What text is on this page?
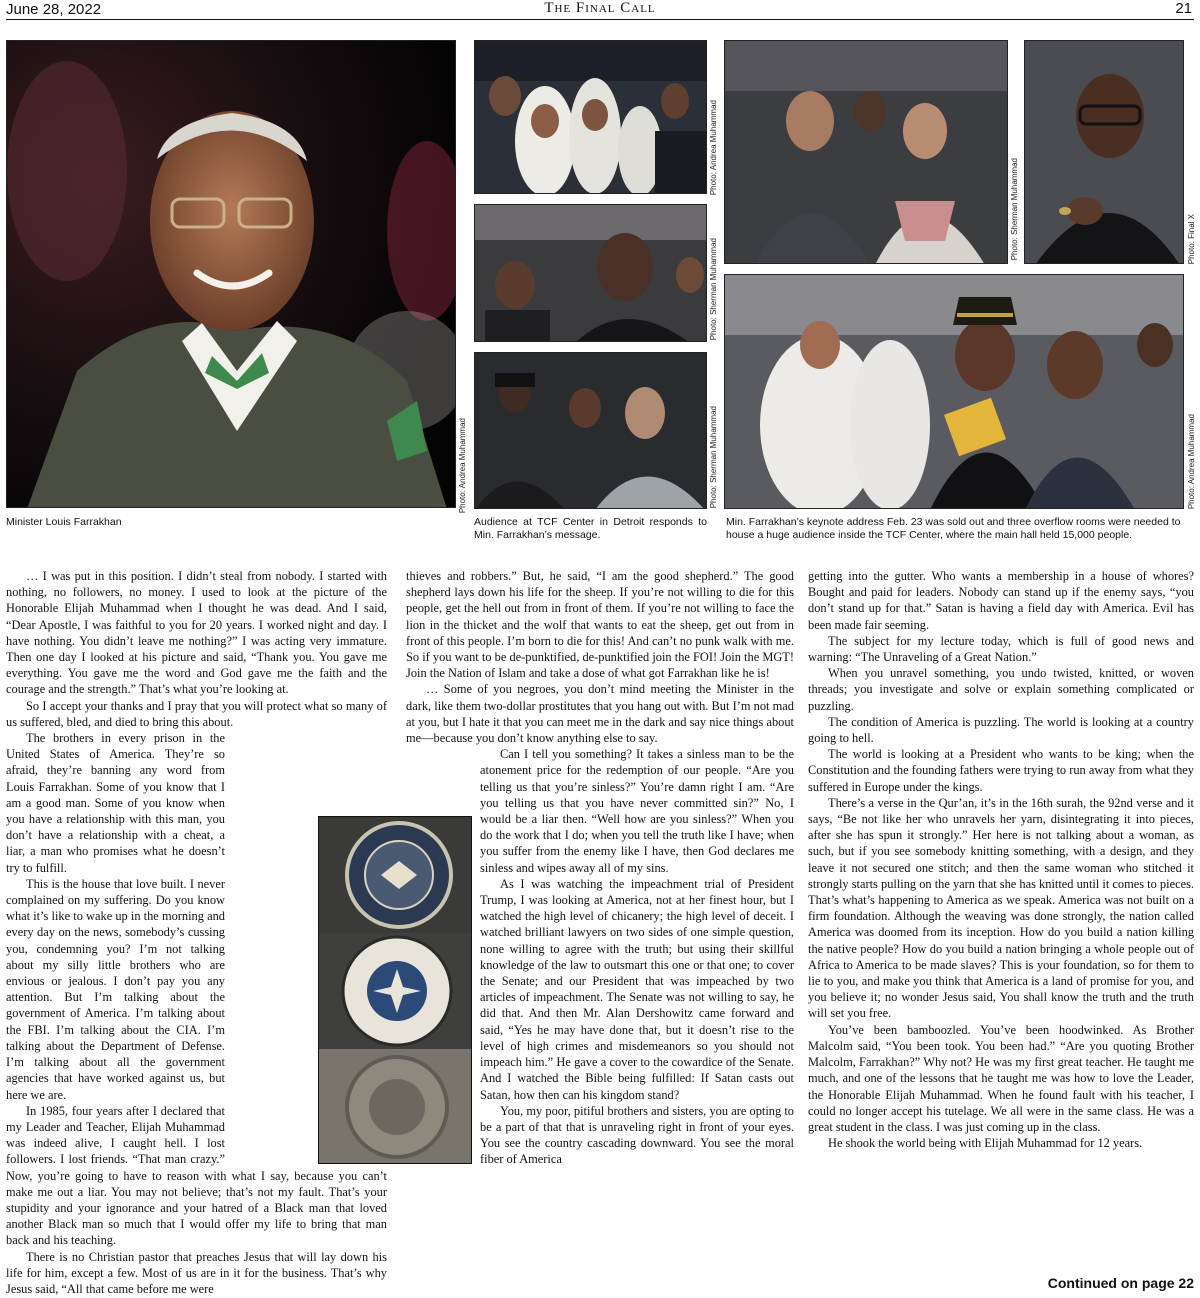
June 28, 2022	The Final Call	21
Photo: Andrea Muhammad
Minister Louis Farrakhan
Photo: Andrea Muhammad
Photo: Sherman Muhammad
Photo: Sherman Muhammad
Audience at TCF Center in Detroit responds to Min. Farrakhan’s message.
Photo: Sherman Muhammad	Photo: Final X
Photo: Andrea Muhammad
Min. Farrakhan’s keynote address Feb. 23 was sold out and three overflow rooms were needed to house a huge audience inside the TCF Center, where the main hall held 15,000 people.

… I was put in this position. I didn’t steal from nobody. I started with nothing, no followers, no money. I used to look at the picture of the Honorable Elijah Muhammad when I thought he was dead. And I said, “Dear Apostle, I was faithful to you for 20 years. I worked night and day. I have nothing. You didn’t leave me nothing?” I was acting very immature. Then one day I looked at his picture and said, “Thank you. You gave me everything. You gave me the word and God gave me the faith and the courage and the strength.” That’s what you’re looking at.

So I accept your thanks and I pray that you will protect what so many of us suffered, bled, and died to bring this about.

The brothers in every prison in the United States of America. They’re so afraid, they’re banning any word from Louis Farrakhan. Some of you know that I am a good man. Some of you know when you have a relationship with this man, you don’t have a relationship with a cheat, a liar, a man who promises what he doesn’t try to fulfill.

This is the house that love built. I never complained on my suffering. Do you know what it’s like to wake up in the morning and every day on the news, somebody’s cussing you, condemning you? I’m not talking about my silly little brothers who are envious or jealous. I don’t pay you any attention. But I’m talking about the government of America. I’m talking about the FBI. I’m talking about the CIA. I’m talking about the Department of Defense. I’m talking about all the government agencies that have worked against us, but here we are.

In 1985, four years after I declared that my Leader and Teacher, Elijah Muhammad was indeed alive, I caught hell. I lost followers. I lost friends. “That man crazy.” Now, you’re going to have to reason with what I say, because you can’t make me out a liar. You may not believe; that’s not my fault. That’s your stupidity and your ignorance and your hatred of a Black man that loved another Black man so much that I would offer my life to bring that man back and his teaching.

There is no Christian pastor that preaches Jesus that will lay down his life for him, except a few. Most of us are in it for the business. That’s why Jesus said, “All that came before me were

thieves and robbers.” But, he said, “I am the good shepherd.” The good shepherd lays down his life for the sheep. If you’re not willing to die for this people, get the hell out from in front of them. If you’re not willing to face the lion in the thicket and the wolf that wants to eat the sheep, get out from in front of this people. I’m born to die for this! And can’t no punk walk with me. So if you want to be de-punktified, de-punktified join the FOI! Join the MGT! Join the Nation of Islam and take a dose of what got Farrakhan like he is!

… Some of you negroes, you don’t mind meeting the Minister in the dark, like them two-dollar prostitutes that you hang out with. But I’m not mad at you, but I hate it that you can meet me in the dark and say nice things about me—because you don’t know anything else to say.

Can I tell you something? It takes a sinless man to be the atonement price for the redemption of our people. “Are you telling us that you’re sinless?” You’re damn right I am. “Are you telling us that you have never committed sin?” No, I would be a liar then. “Well how are you sinless?” When you do the work that I do; when you tell the truth like I have; when you suffer from the enemy like I have, then God declares me sinless and wipes away all of my sins.

As I was watching the impeachment trial of President Trump, I was looking at America, not at her finest hour, but I watched the high level of chicanery; the high level of deceit. I watched brilliant lawyers on two sides of one simple question, none willing to agree with the truth; but using their skillful knowledge of the law to outsmart this one or that one; to cover the Senate; and our President that was impeached by two articles of impeachment. The Senate was not willing to say, he did that. And then Mr. Alan Dershowitz came forward and said, “Yes he may have done that, but it doesn’t rise to the level of high crimes and misdemeanors so you should not impeach him.” He gave a cover to the cowardice of the Senate. And I watched the Bible being fulfilled: If Satan casts out Satan, how then can his kingdom stand?

You, my poor, pitiful brothers and sisters, you are opting to be a part of that that is unraveling right in front of your eyes. You see the country cascading downward. You see the moral fiber of America

getting into the gutter. Who wants a membership in a house of whores? Bought and paid for leaders. Nobody can stand up if the enemy says, “you don’t stand up for that.” Satan is having a field day with America. Evil has been made fair seeming.

The subject for my lecture today, which is full of good news and warning: “The Unraveling of a Great Nation.”

When you unravel something, you undo twisted, knitted, or woven threads; you investigate and solve or explain something complicated or puzzling.

The condition of America is puzzling. The world is looking at a country going to hell.

The world is looking at a President who wants to be king; when the Constitution and the founding fathers were trying to run away from what they suffered in Europe under the kings.

There’s a verse in the Qur’an, it’s in the 16th surah, the 92nd verse and it says, “Be not like her who unravels her yarn, disintegrating it into pieces, after she has spun it strongly.” Her here is not talking about a woman, as such, but if you see somebody knitting something, with a design, and they leave it not secured one stitch; and then the same woman who stitched it strongly starts pulling on the yarn that she has knitted until it comes to pieces. That’s what’s happening to America as we speak. America was not built on a firm foundation. Although the weaving was done strongly, the nation called America was doomed from its inception. How do you build a nation killing the native people? How do you build a nation bringing a whole people out of Africa to America to be made slaves? This is your foundation, so for them to lie to you, and make you think that America is a land of promise for you, and you believe it; no wonder Jesus said, You shall know the truth and the truth will set you free.

You’ve been bamboozled. You’ve been hoodwinked. As Brother Malcolm said, “You been took. You been had.” “Are you quoting Brother Malcolm, Farrakhan?” Why not? He was my first great teacher. He taught me much, and one of the lessons that he taught me was how to love the Leader, the Honorable Elijah Muhammad. When he found fault with his teacher, I could no longer accept his tutelage. We all were in the same class. He was a great student in the class. I was just coming up in the class.

He shook the world being with Elijah Muhammad for 12 years.

Continued on page 22
